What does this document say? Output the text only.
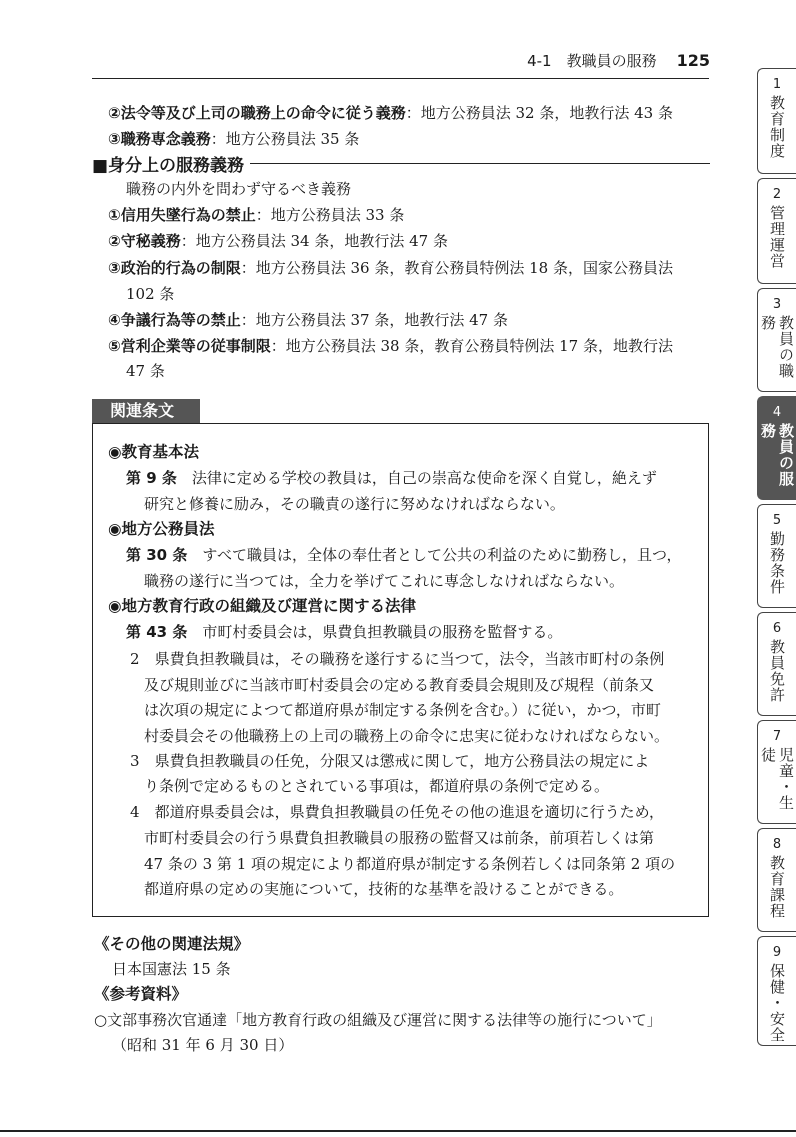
4-1　教職員の服務 125
②法令等及び上司の職務上の命令に従う義務：地方公務員法 32 条，地教行法 43 条
③職務専念義務：地方公務員法 35 条
■身分上の服務義務
職務の内外を問わず守るべき義務
①信用失墜行為の禁止：地方公務員法 33 条
②守秘義務：地方公務員法 34 条，地教行法 47 条
③政治的行為の制限：地方公務員法 36 条，教育公務員特例法 18 条，国家公務員法
102 条
④争議行為等の禁止：地方公務員法 37 条，地教行法 47 条
⑤営利企業等の従事制限：地方公務員法 38 条，教育公務員特例法 17 条，地教行法
47 条
関連条文
◉教育基本法
第 9 条　 法律に定める学校の教員は，自己の崇高な使命を深く自覚し，絶えず
研究と修養に励み，その職責の遂行に努めなければならない。
◉地方公務員法
第 30 条　 すべて職員は，全体の奉仕者として公共の利益のために勤務し，且つ，
職務の遂行に当つては，全力を挙げてこれに専念しなければならない。
◉地方教育行政の組織及び運営に関する法律
第 43 条　 市町村委員会は，県費負担教職員の服務を監督する。
2　 県費負担教職員は，その職務を遂行するに当つて，法令，当該市町村の条例
及び規則並びに当該市町村委員会の定める教育委員会規則及び規程（前条又
は次項の規定によつて都道府県が制定する条例を含む。）に従い，かつ，市町
村委員会その他職務上の上司の職務上の命令に忠実に従わなければならない。
3　 県費負担教職員の任免，分限又は懲戒に関して，地方公務員法の規定によ
り条例で定めるものとされている事項は，都道府県の条例で定める。
4　 都道府県委員会は，県費負担教職員の任免その他の進退を適切に行うため，
市町村委員会の行う県費負担教職員の服務の監督又は前条，前項若しくは第
47 条の 3 第 1 項の規定により都道府県が制定する条例若しくは同条第 2 項の
都道府県の定めの実施について，技術的な基準を設けることができる。
《その他の関連法規》
日本国憲法 15 条
《参考資料》
○文部事務次官通達「地方教育行政の組織及び運営に関する法律等の施行について」
（昭和 31 年 6 月 30 日）
1
教育制度
2
管理運営
3
教員の職務
4
教員の服務
5
勤務条件
6
教員免許
7
児童・生徒
8
教育課程
9
保健・安全
